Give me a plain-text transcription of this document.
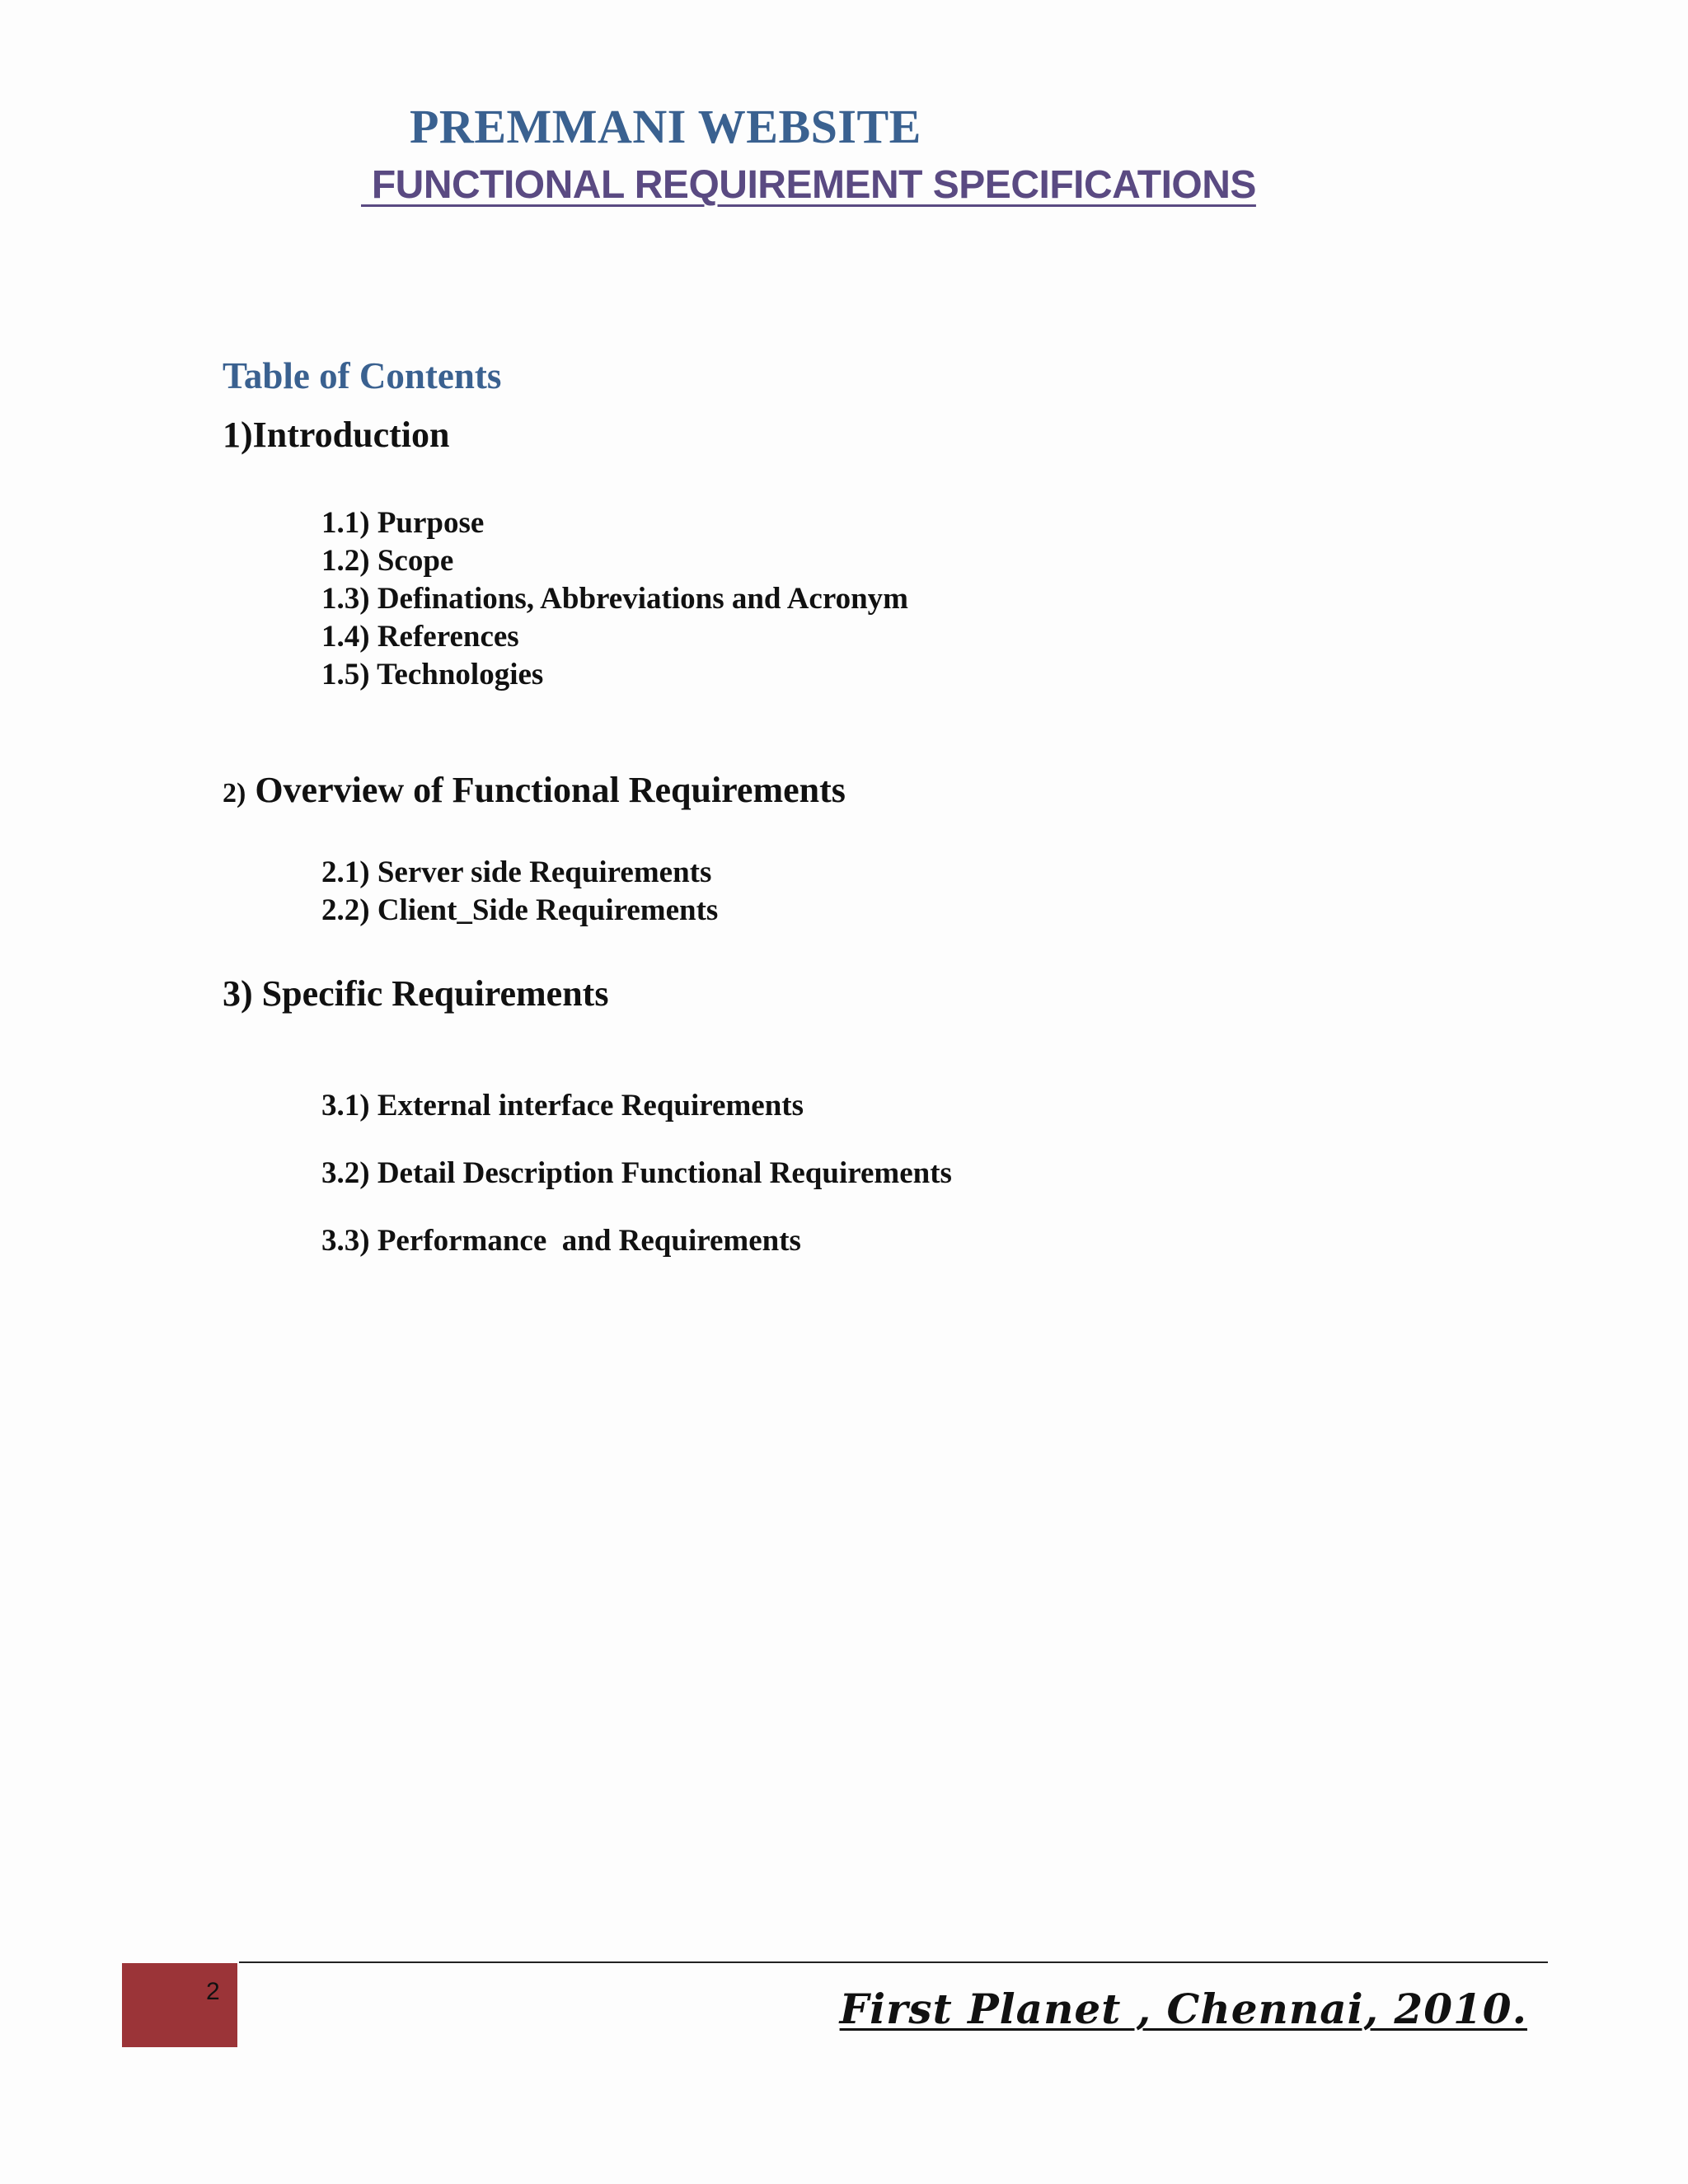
PREMMANI WEBSITE
FUNCTIONAL REQUIREMENT SPECIFICATIONS
Table of Contents
1)Introduction
1.1) Purpose
1.2) Scope
1.3) Definations, Abbreviations and Acronym
1.4) References
1.5) Technologies
2) Overview of Functional Requirements
2.1) Server side Requirements
2.2) Client_Side Requirements
3) Specific Requirements

3.1) External interface Requirements

3.2) Detail Description Functional Requirements

3.3) Performance  and Requirements

2	First Planet , Chennai, 2010.
